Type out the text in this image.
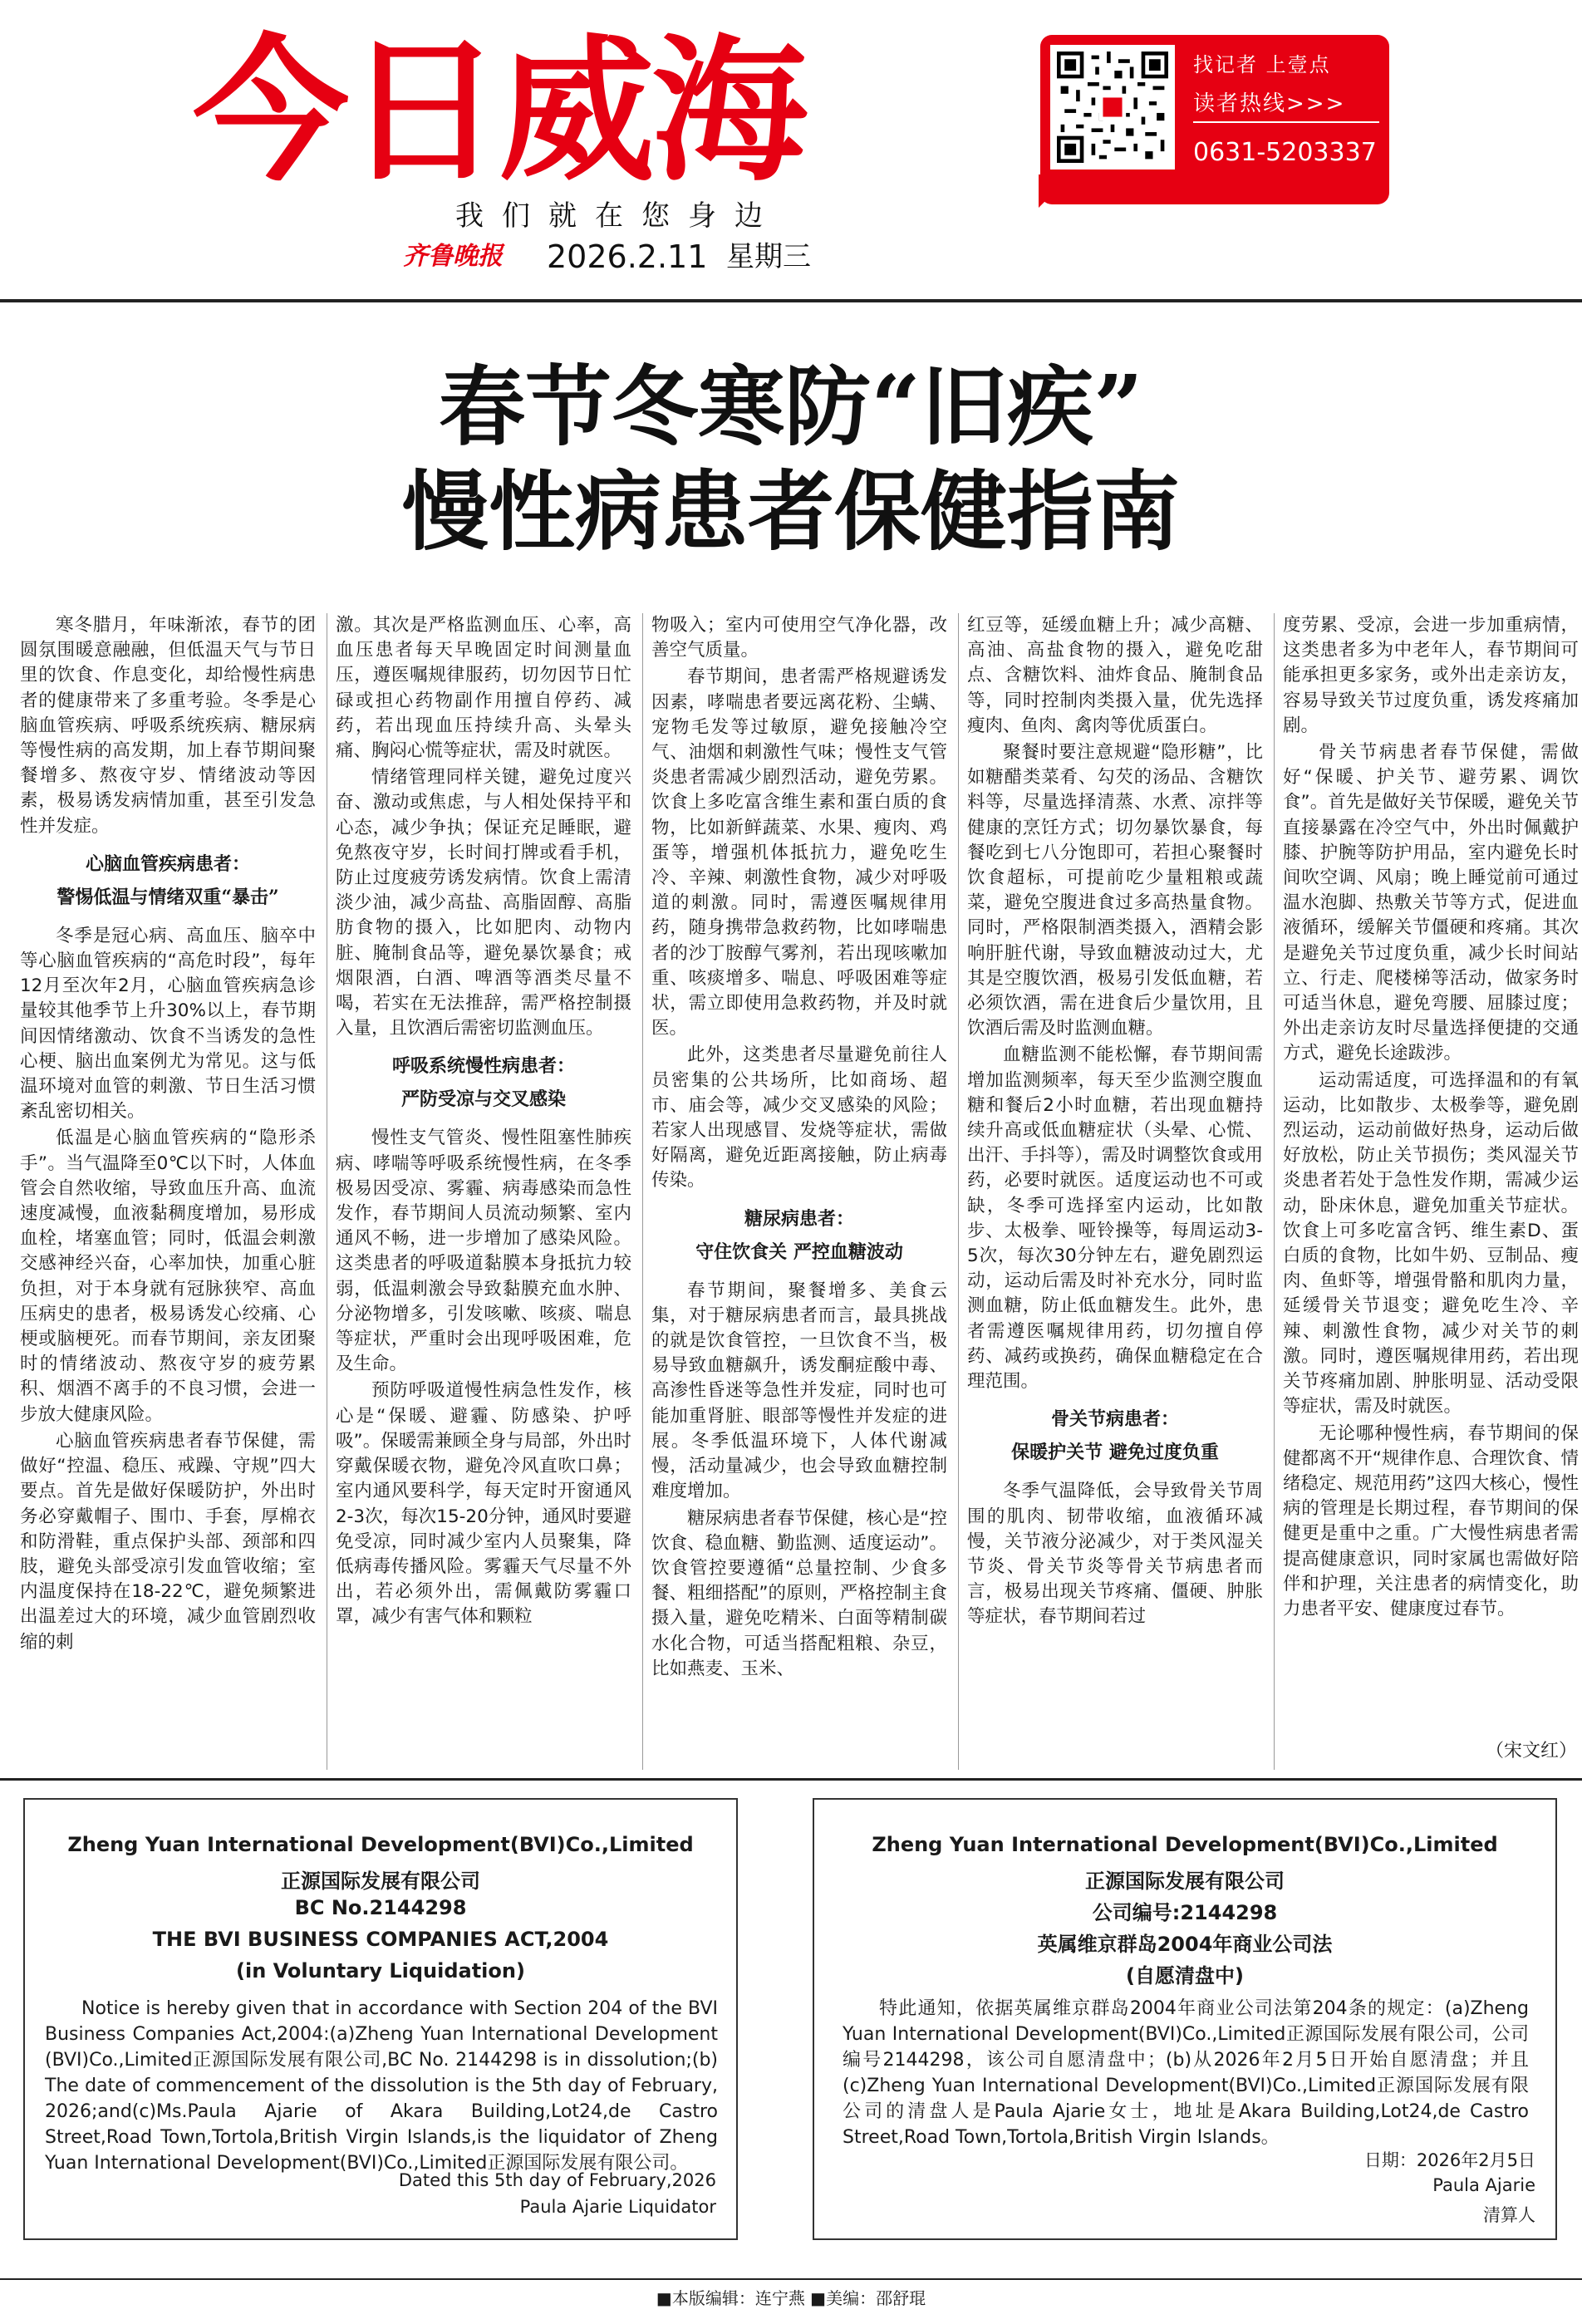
今日威海
我们就在您身边
齐鲁晚报	2026.2.11 星期三
找记者 上壹点
读者热线>>>
0631-5203337
春节冬寒防“旧疾”
慢性病患者保健指南

寒冬腊月，年味渐浓，春节的团圆氛围暖意融融，但低温天气与节日里的饮食、作息变化，却给慢性病患者的健康带来了多重考验。冬季是心脑血管疾病、呼吸系统疾病、糖尿病等慢性病的高发期，加上春节期间聚餐增多、熬夜守岁、情绪波动等因素，极易诱发病情加重，甚至引发急性并发症。

心脑血管疾病患者：
警惕低温与情绪双重“暴击”

冬季是冠心病、高血压、脑卒中等心脑血管疾病的“高危时段”，每年12月至次年2月，心脑血管疾病急诊量较其他季节上升30%以上，春节期间因情绪激动、饮食不当诱发的急性心梗、脑出血案例尤为常见。这与低温环境对血管的刺激、节日生活习惯紊乱密切相关。

低温是心脑血管疾病的“隐形杀手”。当气温降至0℃以下时，人体血管会自然收缩，导致血压升高、血流速度减慢，血液黏稠度增加，易形成血栓，堵塞血管；同时，低温会刺激交感神经兴奋，心率加快，加重心脏负担，对于本身就有冠脉狭窄、高血压病史的患者，极易诱发心绞痛、心梗或脑梗死。而春节期间，亲友团聚时的情绪波动、熬夜守岁的疲劳累积、烟酒不离手的不良习惯，会进一步放大健康风险。

心脑血管疾病患者春节保健，需做好“控温、稳压、戒躁、守规”四大要点。首先是做好保暖防护，外出时务必穿戴帽子、围巾、手套，厚棉衣和防滑鞋，重点保护头部、颈部和四肢，避免头部受凉引发血管收缩；室内温度保持在18-22℃，避免频繁进出温差过大的环境，减少血管剧烈收缩的刺

激。其次是严格监测血压、心率，高血压患者每天早晚固定时间测量血压，遵医嘱规律服药，切勿因节日忙碌或担心药物副作用擅自停药、减药，若出现血压持续升高、头晕头痛、胸闷心慌等症状，需及时就医。

情绪管理同样关键，避免过度兴奋、激动或焦虑，与人相处保持平和心态，减少争执；保证充足睡眠，避免熬夜守岁，长时间打牌或看手机，防止过度疲劳诱发病情。饮食上需清淡少油，减少高盐、高脂固醇、高脂肪食物的摄入，比如肥肉、动物内脏、腌制食品等，避免暴饮暴食；戒烟限酒，白酒、啤酒等酒类尽量不喝，若实在无法推辞，需严格控制摄入量，且饮酒后需密切监测血压。

呼吸系统慢性病患者：
严防受凉与交叉感染

慢性支气管炎、慢性阻塞性肺疾病、哮喘等呼吸系统慢性病，在冬季极易因受凉、雾霾、病毒感染而急性发作，春节期间人员流动频繁、室内通风不畅，进一步增加了感染风险。这类患者的呼吸道黏膜本身抵抗力较弱，低温刺激会导致黏膜充血水肿、分泌物增多，引发咳嗽、咳痰、喘息等症状，严重时会出现呼吸困难，危及生命。

预防呼吸道慢性病急性发作，核心是“保暖、避霾、防感染、护呼吸”。保暖需兼顾全身与局部，外出时穿戴保暖衣物，避免冷风直吹口鼻；室内通风要科学，每天定时开窗通风2-3次，每次15-20分钟，通风时要避免受凉，同时减少室内人员聚集，降低病毒传播风险。雾霾天气尽量不外出，若必须外出，需佩戴防雾霾口罩，减少有害气体和颗粒

物吸入；室内可使用空气净化器，改善空气质量。

春节期间，患者需严格规避诱发因素，哮喘患者要远离花粉、尘螨、宠物毛发等过敏原，避免接触冷空气、油烟和刺激性气味；慢性支气管炎患者需减少剧烈活动，避免劳累。饮食上多吃富含维生素和蛋白质的食物，比如新鲜蔬菜、水果、瘦肉、鸡蛋等，增强机体抵抗力，避免吃生冷、辛辣、刺激性食物，减少对呼吸道的刺激。同时，需遵医嘱规律用药，随身携带急救药物，比如哮喘患者的沙丁胺醇气雾剂，若出现咳嗽加重、咳痰增多、喘息、呼吸困难等症状，需立即使用急救药物，并及时就医。

此外，这类患者尽量避免前往人员密集的公共场所，比如商场、超市、庙会等，减少交叉感染的风险；若家人出现感冒、发烧等症状，需做好隔离，避免近距离接触，防止病毒传染。

糖尿病患者：
守住饮食关 严控血糖波动

春节期间，聚餐增多、美食云集，对于糖尿病患者而言，最具挑战的就是饮食管控，一旦饮食不当，极易导致血糖飙升，诱发酮症酸中毒、高渗性昏迷等急性并发症，同时也可能加重肾脏、眼部等慢性并发症的进展。冬季低温环境下，人体代谢减慢，活动量减少，也会导致血糖控制难度增加。

糖尿病患者春节保健，核心是“控饮食、稳血糖、勤监测、适度运动”。饮食管控要遵循“总量控制、少食多餐、粗细搭配”的原则，严格控制主食摄入量，避免吃精米、白面等精制碳水化合物，可适当搭配粗粮、杂豆，比如燕麦、玉米、

红豆等，延缓血糖上升；减少高糖、高油、高盐食物的摄入，避免吃甜点、含糖饮料、油炸食品、腌制食品等，同时控制肉类摄入量，优先选择瘦肉、鱼肉、禽肉等优质蛋白。

聚餐时要注意规避“隐形糖”，比如糖醋类菜肴、勾芡的汤品、含糖饮料等，尽量选择清蒸、水煮、凉拌等健康的烹饪方式；切勿暴饮暴食，每餐吃到七八分饱即可，若担心聚餐时饮食超标，可提前吃少量粗粮或蔬菜，避免空腹进食过多高热量食物。同时，严格限制酒类摄入，酒精会影响肝脏代谢，导致血糖波动过大，尤其是空腹饮酒，极易引发低血糖，若必须饮酒，需在进食后少量饮用，且饮酒后需及时监测血糖。

血糖监测不能松懈，春节期间需增加监测频率，每天至少监测空腹血糖和餐后2小时血糖，若出现血糖持续升高或低血糖症状（头晕、心慌、出汗、手抖等），需及时调整饮食或用药，必要时就医。适度运动也不可或缺，冬季可选择室内运动，比如散步、太极拳、哑铃操等，每周运动3-5次，每次30分钟左右，避免剧烈运动，运动后需及时补充水分，同时监测血糖，防止低血糖发生。此外，患者需遵医嘱规律用药，切勿擅自停药、减药或换药，确保血糖稳定在合理范围。

骨关节病患者：
保暖护关节 避免过度负重

冬季气温降低，会导致骨关节周围的肌肉、韧带收缩，血液循环减慢，关节液分泌减少，对于类风湿关节炎、骨关节炎等骨关节病患者而言，极易出现关节疼痛、僵硬、肿胀等症状，春节期间若过

度劳累、受凉，会进一步加重病情，这类患者多为中老年人，春节期间可能承担更多家务，或外出走亲访友，容易导致关节过度负重，诱发疼痛加剧。

骨关节病患者春节保健，需做好“保暖、护关节、避劳累、调饮食”。首先是做好关节保暖，避免关节直接暴露在冷空气中，外出时佩戴护膝、护腕等防护用品，室内避免长时间吹空调、风扇；晚上睡觉前可通过温水泡脚、热敷关节等方式，促进血液循环，缓解关节僵硬和疼痛。其次是避免关节过度负重，减少长时间站立、行走、爬楼梯等活动，做家务时可适当休息，避免弯腰、屈膝过度；外出走亲访友时尽量选择便捷的交通方式，避免长途跋涉。

运动需适度，可选择温和的有氧运动，比如散步、太极拳等，避免剧烈运动，运动前做好热身，运动后做好放松，防止关节损伤；类风湿关节炎患者若处于急性发作期，需减少运动，卧床休息，避免加重关节症状。饮食上可多吃富含钙、维生素D、蛋白质的食物，比如牛奶、豆制品、瘦肉、鱼虾等，增强骨骼和肌肉力量，延缓骨关节退变；避免吃生冷、辛辣、刺激性食物，减少对关节的刺激。同时，遵医嘱规律用药，若出现关节疼痛加剧、肿胀明显、活动受限等症状，需及时就医。

无论哪种慢性病，春节期间的保健都离不开“规律作息、合理饮食、情绪稳定、规范用药”这四大核心，慢性病的管理是长期过程，春节期间的保健更是重中之重。广大慢性病患者需提高健康意识，同时家属也需做好陪伴和护理，关注患者的病情变化，助力患者平安、健康度过春节。

（宋文红）
Zheng Yuan International Development(BVI)Co.,Limited
正源国际发展有限公司
BC No.2144298
THE BVI BUSINESS COMPANIES ACT,2004
(in Voluntary Liquidation)
Notice is hereby given that in accordance with Section 204 of the BVI Business Companies Act,2004:(a)Zheng Yuan International Development (BVI)Co.,Limited正源国际发展有限公司,BC No. 2144298 is in dissolution;(b) The date of commencement of the dissolution is the 5th day of February, 2026;and(c)Ms.Paula Ajarie of Akara Building,Lot24,de Castro Street,Road Town,Tortola,British Virgin Islands,is the liquidator of Zheng Yuan International Development(BVI)Co.,Limited正源国际发展有限公司。
Dated this 5th day of February,2026
Paula Ajarie Liquidator
Zheng Yuan International Development(BVI)Co.,Limited
正源国际发展有限公司
公司编号:2144298
英属维京群岛2004年商业公司法
(自愿清盘中)
特此通知，依据英属维京群岛2004年商业公司法第204条的规定：(a)Zheng Yuan International Development(BVI)Co.,Limited正源国际发展有限公司，公司编号2144298，该公司自愿清盘中；(b)从2026年2月5日开始自愿清盘；并且(c)Zheng Yuan International Development(BVI)Co.,Limited正源国际发展有限公司的清盘人是Paula Ajarie女士，地址是Akara Building,Lot24,de Castro Street,Road Town,Tortola,British Virgin Islands。
日期：2026年2月5日
Paula Ajarie
清算人
■本版编辑：连宁燕 ■美编：邵舒琨
